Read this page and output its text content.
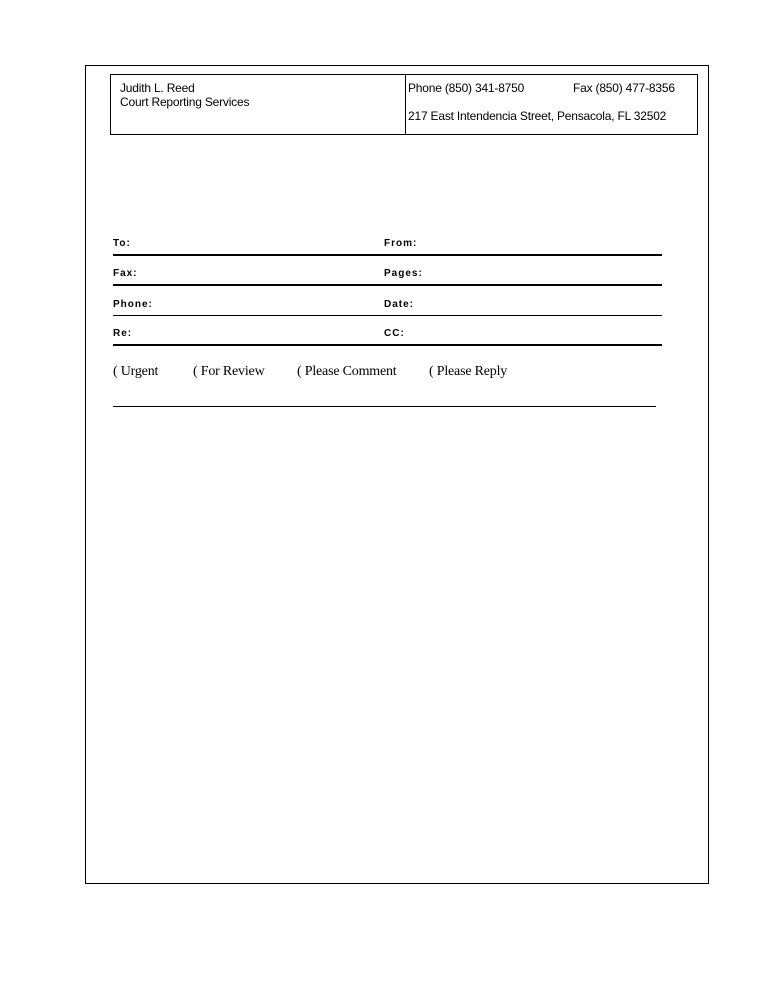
Judith L. Reed
Court Reporting Services
Phone (850) 341-8750	Fax (850) 477-8356
217 East Intendencia Street, Pensacola, FL 32502
To:	From:
Fax:	Pages:
Phone:	Date:
Re:	CC:
( Urgent ( For Review ( Please Comment ( Please Reply
